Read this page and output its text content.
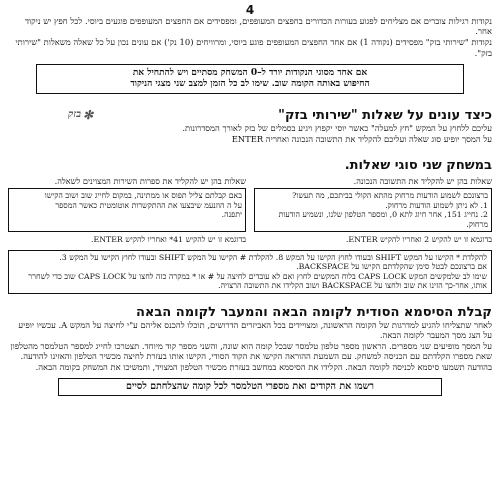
4

נקודות רגילות צוברים אם מצליחים לפגוע בעורות הכדורים בחפצים המעופפים, ומפסידים אם החפצים המעופפים פוגעים ביוסי. לכל חפץ יש ניקוד אחר.

נקודות "שירותי בזק" מפסידים (נקודה 1) אם אחד החפצים המעופפים פוגע ביוסי, ומרוויחים (10 נק') אם עונים נכון על כל שאלה משאלות "שירותי בזק".

אם אחד מסוגי הנקודות יורד ל–0 המשחק מסתיים ויש להתחיל את
החיפוש באותה הקומה שוב. שימו לב כל הזמן למצב שני מצגי הניקוד
כיצד עונים על שאלות "שירותי בזק"
✻
בזק

עליכם ללחוץ על המקש "חץ למעלה" כאשר יוסי יקפוץ ויגיע בסמלים של בזק לאורך המסדרונות.

על המסך יופיע סוג שאלה ועליכם להקליד את התשובה הנכונה ואחריה ENTER

במשחק שני סוגי שאלות.
שאלות בהן יש להקליד את התשובה הנכונה.
ברצונכם לשמוע הודעות מרחוק מהתא הקולי בביתכם, מה תעשו?
1. לא ניתן לשמוע הודעות מרחוק.
2. נחייג 151, אחר חיוג לתא 0, ומספר הטלפון שלנו, ונשמיע הודעות מרחוק.
בדוגמא זו יש להקיש 2 ואחריו להקיש ENTER.
שאלות בהן יש להקליד את ספרות השירות המצוינים לשאלה.
באם קבלתם צליל תפוס או ממתינה, במקום לחייג שוב ושוב הקישו
על ה הוזנעמ שיבצעו את ההתקשרות אוטומטית כאשר המספר
יתפנה.
בדוגמא זו יש להקיש 41* ואחריו להקיש ENTER.
להקלדת * הקישו על המקש SHIFT ובעודו לחוץ הקישו על המקש 8. להקלדת # הקישו על המקש SHIFT ובעודו לחוץ הקישו על המקש 3.
אם ברצונכם לבטל סימן שהקלדתם הקישו על BACKSPACE.
שימו לב שלמקשים המקש CAPS LOCK בלוח המקשים לחוץ ואם לא עובדים לחיצה על # או * במקרה כזה לחצו על CAPS LOCK שוב כדי לשחרר אותו, אחר-כך הזינו את שוב ולחצו על BACKSPACE ושוב הקלידו את התשובה הרצויה.
קבלת הסיסמא הסודית לקומה הבאה והמעבר לקומה הבאה

לאחר שתצליחו להגיע למדרגות של הקומה הראשונה, ומצויידים בכל האביזרים הדרושים, תוכלו להכנס אליהם ע"י לחיצה על המקש A. עכשיו יופיע על הצג מסך המעבר לקומה הבאה.

על המסך מופיעים שני מספרים. הראשון מספר טלפון טלמסר שבכל קומה הוא שונה, והשני מספר קוד מיוחד. תצטרכו לחייג למספר הטלמסר מהטלפון שאת מספרו הקלדתם עם הכניסה למשחק. עם השמעת ההוראה הקישו את הקוד הסודי, הקישו אותו בעזרת לחיצה מכשיר הטלפון והאזינו להודעה. בהודעה תשמעו סיסמא לכניסה לקומה הבאה. הקלידו את הסיסמא במחשב בעזרת מכשיר הטלפון המצויד, ותמשיכו את המשחק בקומה הבאה.

רשמו את הקודים ואת מספרי הטלמסר לכל קומה שהצלחתם לסיים
